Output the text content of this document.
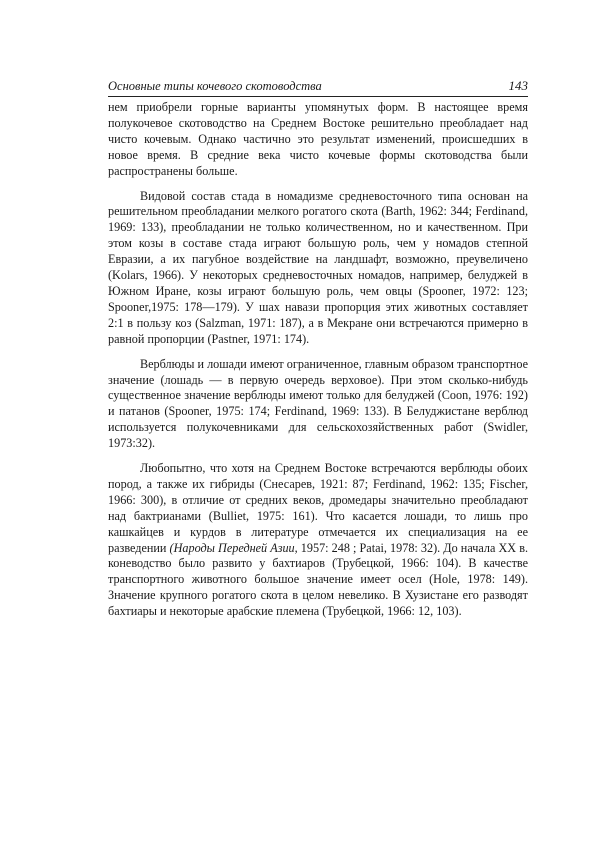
Основные типы кочевого скотоводства	143

нем приобрели горные варианты упомянутых форм. В настоящее время полукочевое скотоводство на Среднем Востоке решительно преобладает над чисто кочевым. Однако частично это результат изменений, происшедших в новое время. В средние века чисто кочевые формы скотоводства были распространены больше.

Видовой состав стада в номадизме средневосточного типа основан на решительном преобладании мелкого рогатого скота (Barth, 1962: 344; Ferdinand, 1969: 133), преобладании не только количественном, но и качественном. При этом козы в составе стада играют большую роль, чем у номадов степной Евразии, а их пагубное воздействие на ландшафт, возможно, преувеличено (Kolars, 1966). У некоторых средневосточных номадов, например, белуджей в Южном Иране, козы играют большую роль, чем овцы (Spooner, 1972: 123; Spooner,1975: 178—179). У шах навази пропорция этих животных составляет 2:1 в пользу коз (Salzman, 1971: 187), а в Мекране они встречаются примерно в равной пропорции (Pastner, 1971: 174).

Верблюды и лошади имеют ограниченное, главным образом транспортное значение (лошадь — в первую очередь верховое). При этом сколько-нибудь существенное значение верблюды имеют только для белуджей (Coon, 1976: 192) и патанов (Spooner, 1975: 174; Ferdinand, 1969: 133). В Белуджистане верблюд используется полукочевниками для сельскохозяйственных работ (Swidler, 1973:32).

Любопытно, что хотя на Среднем Востоке встречаются верблюды обоих пород, а также их гибриды (Снесарев, 1921: 87; Ferdinand, 1962: 135; Fischer, 1966: 300), в отличие от средних веков, дромедары значительно преобладают над бактрианами (Bulliet, 1975: 161). Что касается лошади, то лишь про кашкайцев и курдов в литературе отмечается их специализация на ее разведении (Народы Передней Азии, 1957: 248 ; Patai, 1978: 32). До начала XX в. коневодство было развито у бахтиаров (Трубецкой, 1966: 104). В качестве транспортного животного большое значение имеет осел (Hole, 1978: 149). Значение крупного рогатого скота в целом невелико. В Хузистане его разводят бахтиары и некоторые арабские племена (Трубецкой, 1966: 12, 103).
